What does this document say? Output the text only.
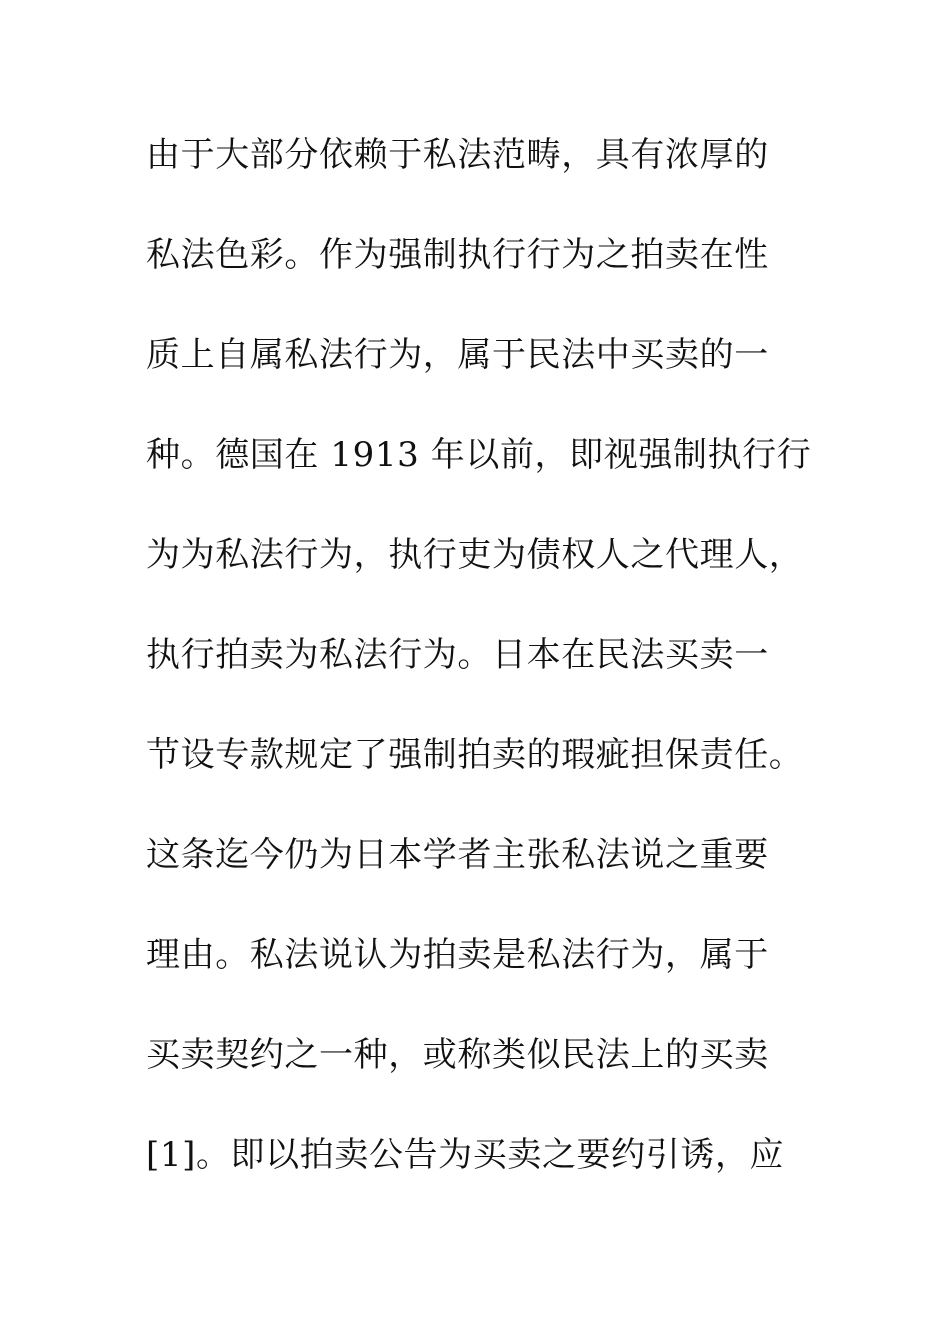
由于大部分依赖于私法范畴，具有浓厚的
私法色彩。作为强制执行行为之拍卖在性
质上自属私法行为，属于民法中买卖的一
种。德国在 1913 年以前，即视强制执行行
为为私法行为，执行吏为债权人之代理人，
执行拍卖为私法行为。日本在民法买卖一
节设专款规定了强制拍卖的瑕疵担保责任。
这条迄今仍为日本学者主张私法说之重要
理由。私法说认为拍卖是私法行为，属于
买卖契约之一种，或称类似民法上的买卖
[1]。即以拍卖公告为买卖之要约引诱，应
